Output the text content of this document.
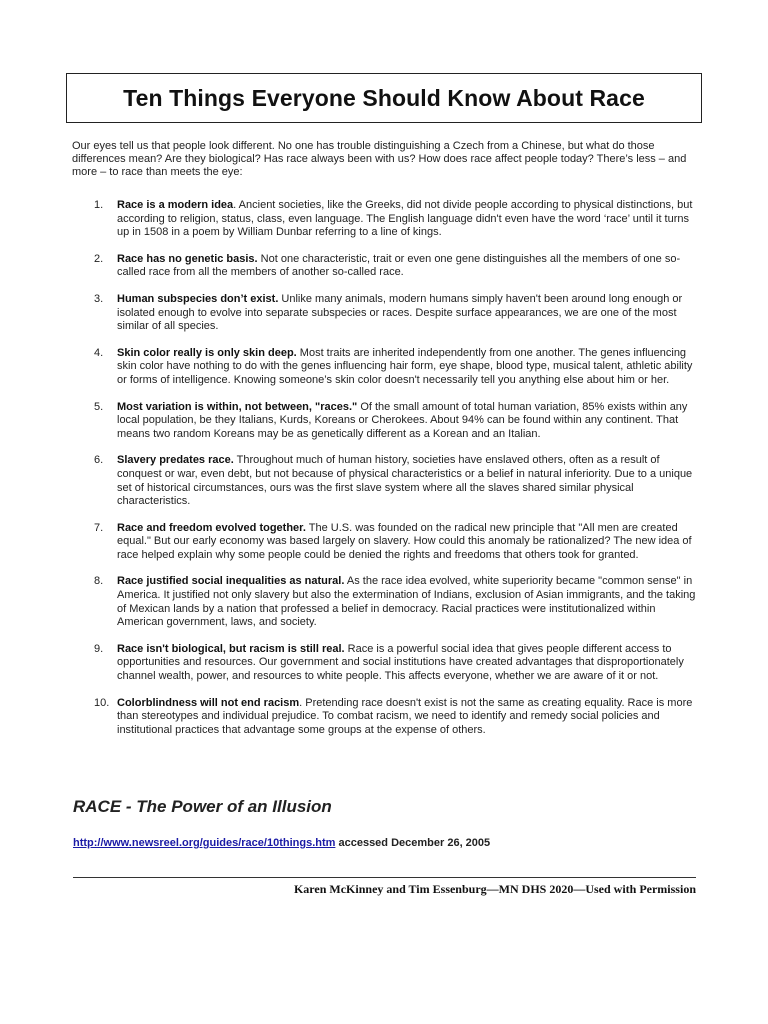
Ten Things Everyone Should Know About Race

Our eyes tell us that people look different. No one has trouble distinguishing a Czech from a Chinese, but what do those differences mean? Are they biological? Has race always been with us? How does race affect people today? There’s less – and more – to race than meets the eye:

1. Race is a modern idea. Ancient societies, like the Greeks, did not divide people according to physical distinctions, but according to religion, status, class, even language. The English language didn't even have the word ‘race’ until it turns up in 1508 in a poem by William Dunbar referring to a line of kings.
2. Race has no genetic basis. Not one characteristic, trait or even one gene distinguishes all the members of one so-called race from all the members of another so-called race.
3. Human subspecies don’t exist. Unlike many animals, modern humans simply haven't been around long enough or isolated enough to evolve into separate subspecies or races. Despite surface appearances, we are one of the most similar of all species.
4. Skin color really is only skin deep. Most traits are inherited independently from one another. The genes influencing skin color have nothing to do with the genes influencing hair form, eye shape, blood type, musical talent, athletic ability or forms of intelligence. Knowing someone’s skin color doesn't necessarily tell you anything else about him or her.
5. Most variation is within, not between, "races." Of the small amount of total human variation, 85% exists within any local population, be they Italians, Kurds, Koreans or Cherokees. About 94% can be found within any continent. That means two random Koreans may be as genetically different as a Korean and an Italian.
6. Slavery predates race. Throughout much of human history, societies have enslaved others, often as a result of conquest or war, even debt, but not because of physical characteristics or a belief in natural inferiority. Due to a unique set of historical circumstances, ours was the first slave system where all the slaves shared similar physical characteristics.
7. Race and freedom evolved together. The U.S. was founded on the radical new principle that "All men are created equal." But our early economy was based largely on slavery. How could this anomaly be rationalized? The new idea of race helped explain why some people could be denied the rights and freedoms that others took for granted.
8. Race justified social inequalities as natural. As the race idea evolved, white superiority became "common sense" in America. It justified not only slavery but also the extermination of Indians, exclusion of Asian immigrants, and the taking of Mexican lands by a nation that professed a belief in democracy. Racial practices were institutionalized within American government, laws, and society.
9. Race isn't biological, but racism is still real. Race is a powerful social idea that gives people different access to opportunities and resources. Our government and social institutions have created advantages that disproportionately channel wealth, power, and resources to white people. This affects everyone, whether we are aware of it or not.
10. Colorblindness will not end racism. Pretending race doesn't exist is not the same as creating equality. Race is more than stereotypes and individual prejudice. To combat racism, we need to identify and remedy social policies and institutional practices that advantage some groups at the expense of others.
RACE - The Power of an Illusion
http://www.newsreel.org/guides/race/10things.htm accessed December 26, 2005
Karen McKinney and Tim Essenburg—MN DHS 2020—Used with Permission
